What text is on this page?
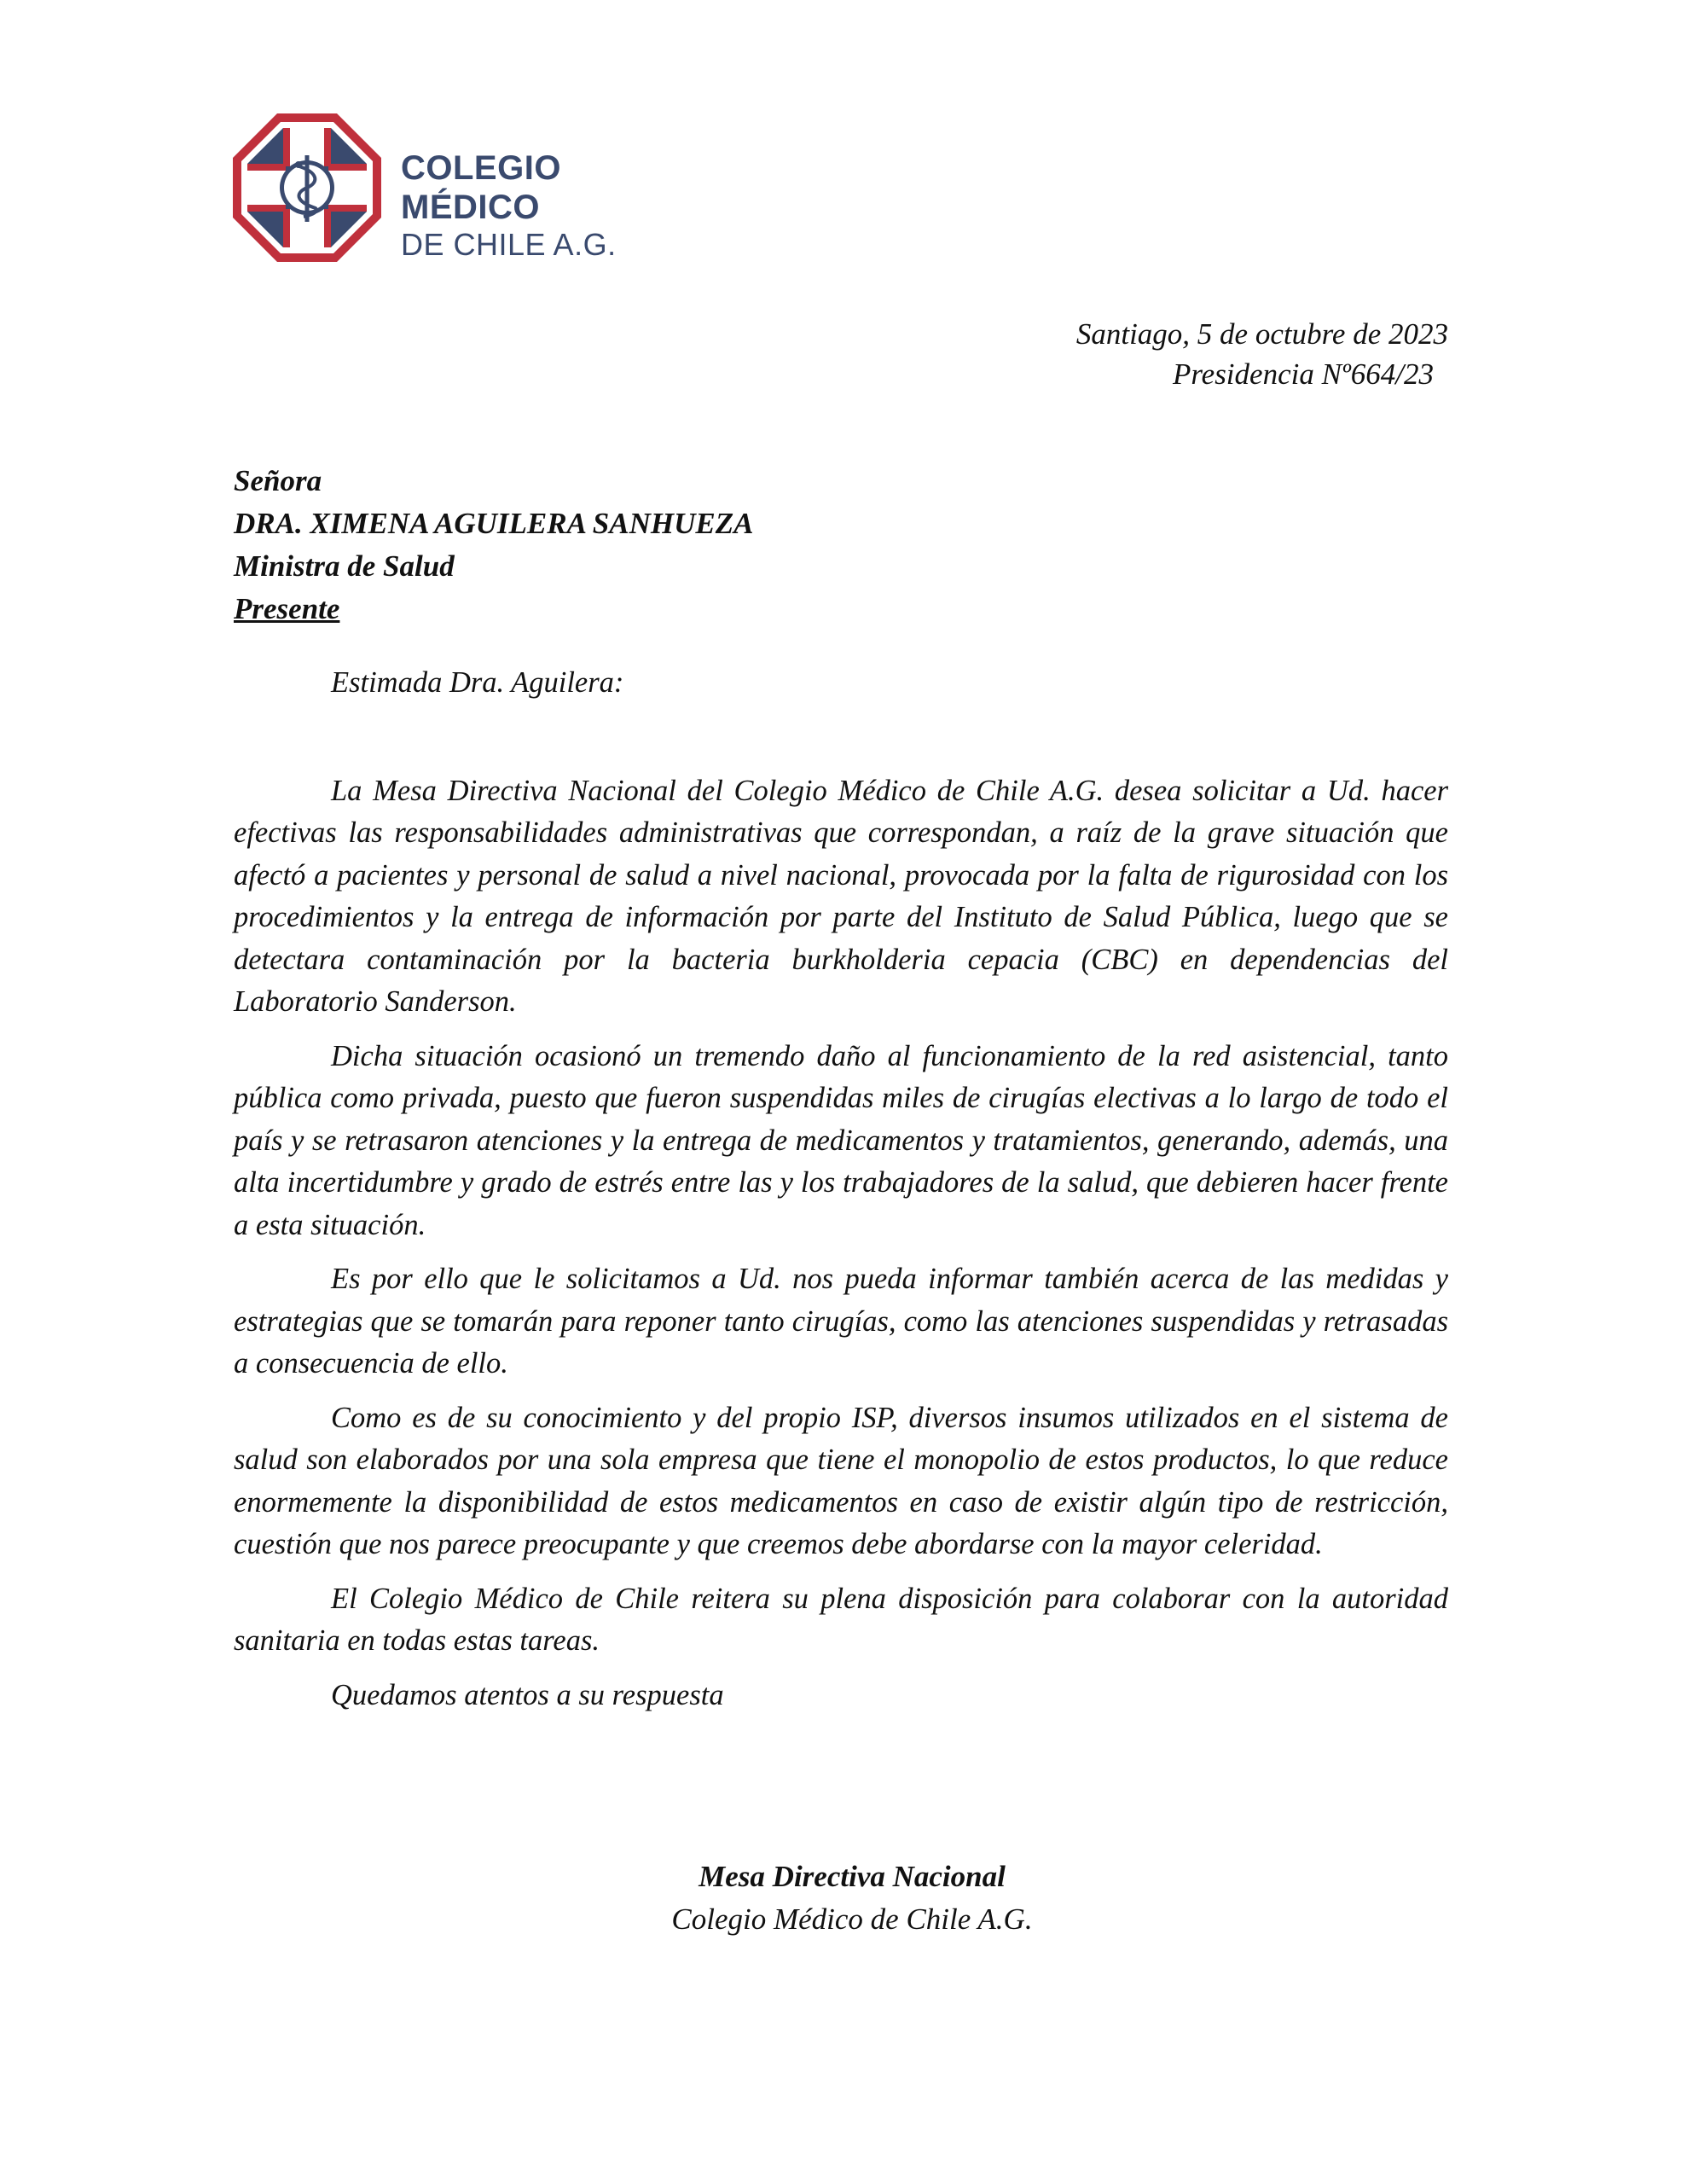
COLEGIO MÉDICO
DE CHILE A.G.
Santiago, 5 de octubre de 2023
Presidencia Nº664/23
Señora
DRA. XIMENA AGUILERA SANHUEZA
Ministra de Salud
Presente

Estimada Dra. Aguilera:

La Mesa Directiva Nacional del Colegio Médico de Chile A.G. desea solicitar a Ud. hacer efectivas las responsabilidades administrativas que correspondan, a raíz de la grave situación que afectó a pacientes y personal de salud a nivel nacional, provocada por la falta de rigurosidad con los procedimientos y la entrega de información por parte del Instituto de Salud Pública, luego que se detectara contaminación por la bacteria burkholderia cepacia (CBC) en dependencias del Laboratorio Sanderson.

Dicha situación ocasionó un tremendo daño al funcionamiento de la red asistencial, tanto pública como privada, puesto que fueron suspendidas miles de cirugías electivas a lo largo de todo el país y se retrasaron atenciones y la entrega de medicamentos y tratamientos, generando, además, una alta incertidumbre y grado de estrés entre las y los trabajadores de la salud, que debieren hacer frente a esta situación.

Es por ello que le solicitamos a Ud. nos pueda informar también acerca de las medidas y estrategias que se tomarán para reponer tanto cirugías, como las atenciones suspendidas y retrasadas a consecuencia de ello.

Como es de su conocimiento y del propio ISP, diversos insumos utilizados en el sistema de salud son elaborados por una sola empresa que tiene el monopolio de estos productos, lo que reduce enormemente la disponibilidad de estos medicamentos en caso de existir algún tipo de restricción, cuestión que nos parece preocupante y que creemos debe abordarse con la mayor celeridad.

El Colegio Médico de Chile reitera su plena disposición para colaborar con la autoridad sanitaria en todas estas tareas.

Quedamos atentos a su respuesta

Mesa Directiva Nacional
Colegio Médico de Chile A.G.
